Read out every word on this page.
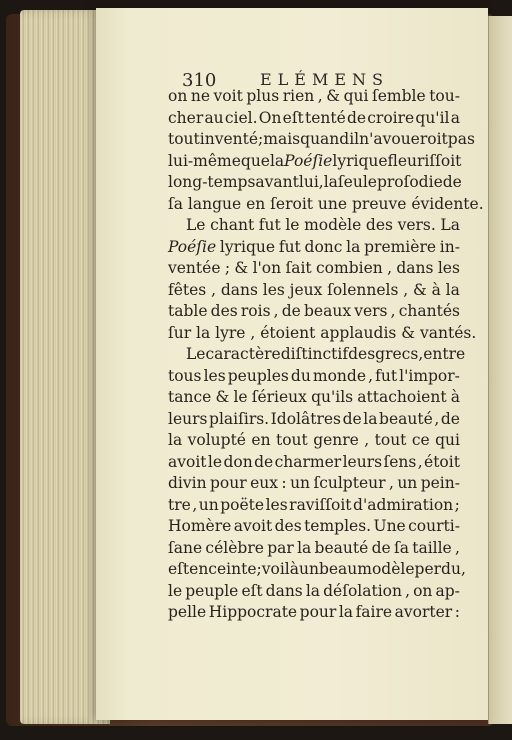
310	ELÉMENS
on ne voit plus rien , & qui ſemble tou-
cher au ciel. On eſt tenté de croire qu'il a
tout inventé ; mais quand il n'avoueroit pas
lui-même que la Poéſie lyrique fleuriſſoit
long-temps avant lui , la ſeule proſodie de
ſa langue en ſeroit une preuve évidente.
Le chant fut le modèle des vers. La
Poéſie lyrique fut donc la première in-
ventée ; & l'on ſait combien , dans les
fêtes , dans les jeux ſolennels , & à la
table des rois , de beaux vers , chantés
ſur la lyre , étoient applaudis & vantés.
Le caractère diſtinctif des grecs , entre
tous les peuples du monde , fut l'impor-
tance & le ſérieux qu'ils attachoient à
leurs plaiſirs. Idolâtres de la beauté , de
la volupté en tout genre , tout ce qui
avoit le don de charmer leurs ſens , étoit
divin pour eux : un ſculpteur , un pein-
tre , un poëte les raviſſoit d'admiration ;
Homère avoit des temples. Une courti-
ſane célèbre par la beauté de ſa taille ,
eſt enceinte ; voilà un beau modèle perdu ,
le peuple eſt dans la déſolation , on ap-
pelle Hippocrate pour la faire avorter :
